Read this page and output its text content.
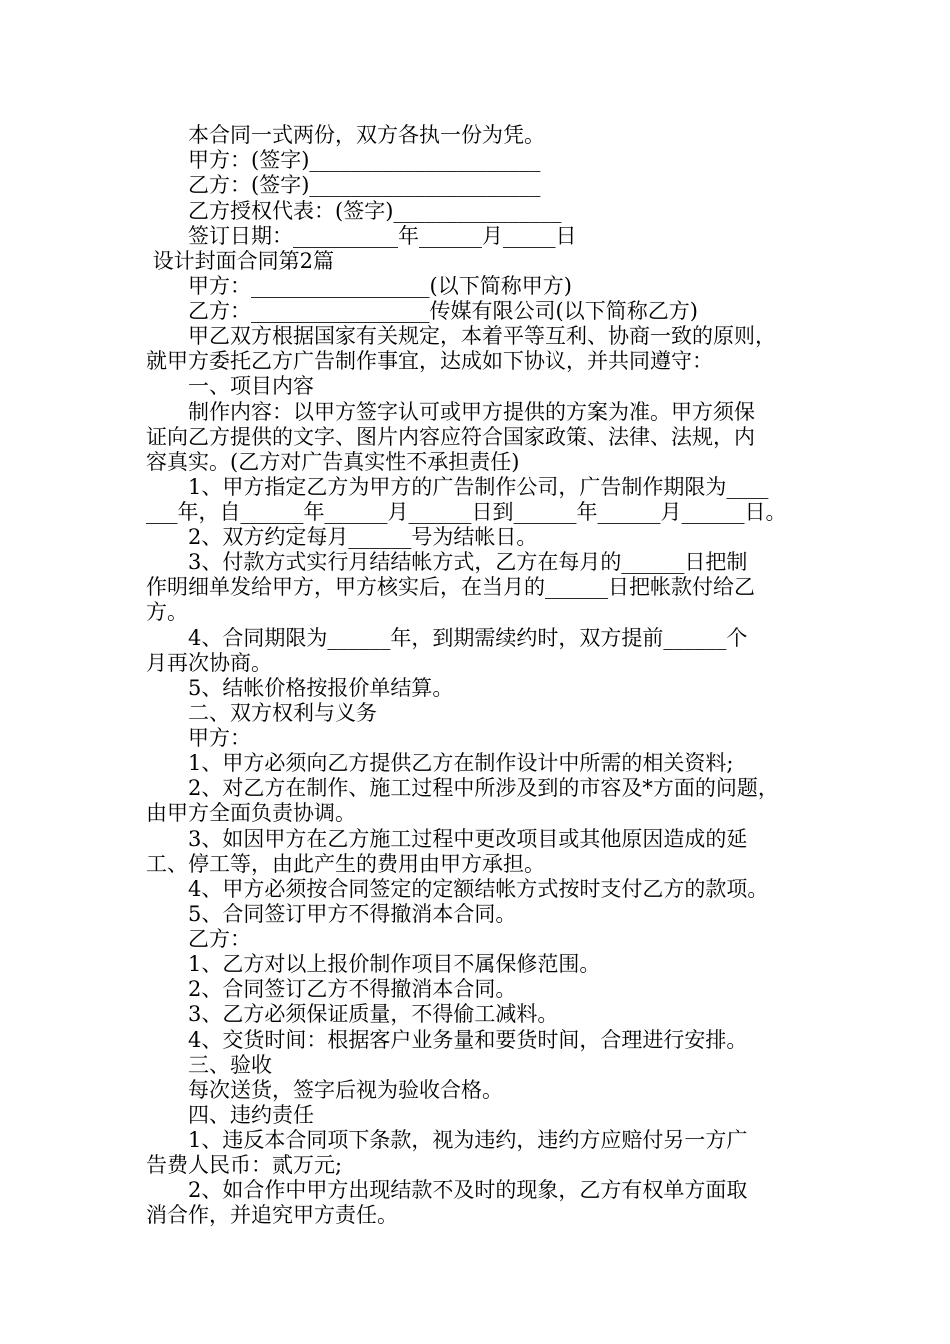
　　本合同一式两份，双方各执一份为凭。
　　甲方：(签字)______________________
　　乙方：(签字)______________________
　　乙方授权代表：(签字)________________
　　签订日期：__________年______月_____日
设计封面合同第2篇
　　甲方：_________________(以下简称甲方)
　　乙方：_________________传媒有限公司(以下简称乙方)
　　甲乙双方根据国家有关规定，本着平等互利、协商一致的原则，
就甲方委托乙方广告制作事宜，达成如下协议，并共同遵守：
　　一、项目内容
　　制作内容：以甲方签字认可或甲方提供的方案为准。甲方须保
证向乙方提供的文字、图片内容应符合国家政策、法律、法规，内
容真实。(乙方对广告真实性不承担责任)
　　1、甲方指定乙方为甲方的广告制作公司，广告制作期限为____
___年，自______年______月______日到______年______月______日。
　　2、双方约定每月______号为结帐日。
　　3、付款方式实行月结结帐方式，乙方在每月的______日把制
作明细单发给甲方，甲方核实后，在当月的______日把帐款付给乙
方。
　　4、合同期限为______年，到期需续约时，双方提前______个
月再次协商。
　　5、结帐价格按报价单结算。
　　二、双方权利与义务
　　甲方：
　　1、甲方必须向乙方提供乙方在制作设计中所需的相关资料;
　　2、对乙方在制作、施工过程中所涉及到的市容及*方面的问题，
由甲方全面负责协调。
　　3、如因甲方在乙方施工过程中更改项目或其他原因造成的延
工、停工等，由此产生的费用由甲方承担。
　　4、甲方必须按合同签定的定额结帐方式按时支付乙方的款项。
　　5、合同签订甲方不得撤消本合同。
　　乙方：
　　1、乙方对以上报价制作项目不属保修范围。
　　2、合同签订乙方不得撤消本合同。
　　3、乙方必须保证质量，不得偷工减料。
　　4、交货时间：根据客户业务量和要货时间，合理进行安排。
　　三、验收
　　每次送货，签字后视为验收合格。
　　四、违约责任
　　1、违反本合同项下条款，视为违约，违约方应赔付另一方广
告费人民币：贰万元;
　　2、如合作中甲方出现结款不及时的现象，乙方有权单方面取
消合作，并追究甲方责任。
